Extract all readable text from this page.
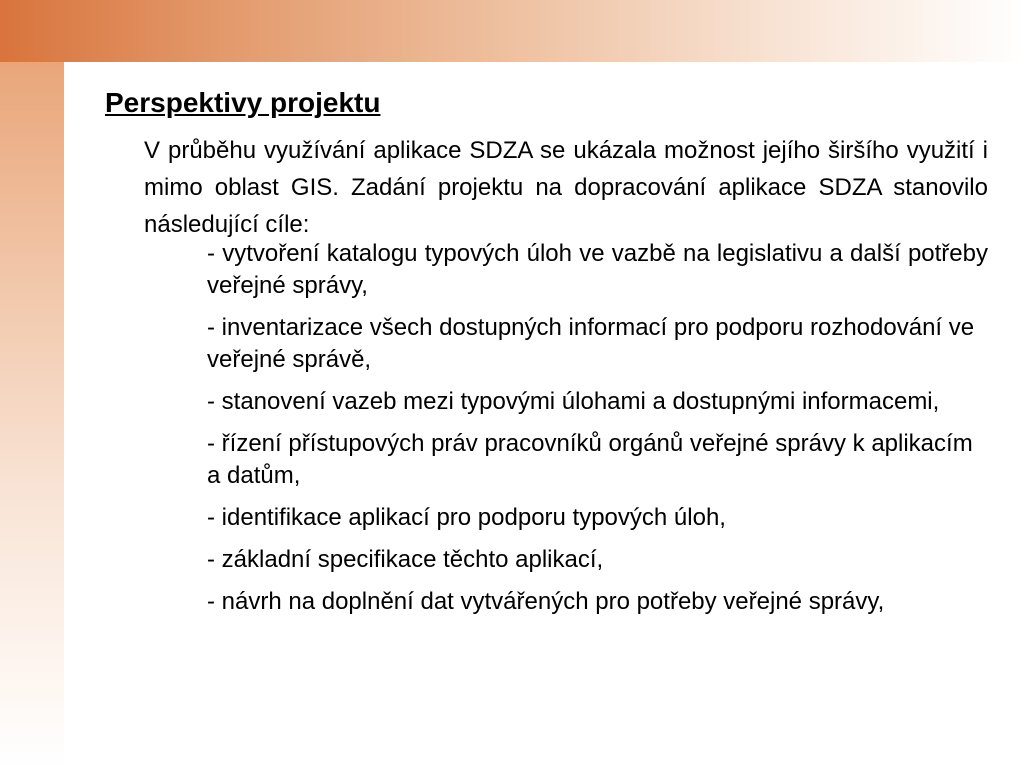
Perspektivy projektu

V průběhu využívání aplikace SDZA se ukázala možnost jejího širšího využití i mimo oblast GIS. Zadání projektu na dopracování aplikace SDZA stanovilo následující cíle:

- vytvoření katalogu typových úloh ve vazbě na legislativu a další potřeby veřejné správy,
- inventarizace všech dostupných informací pro podporu rozhodování ve veřejné správě,
- stanovení vazeb mezi typovými úlohami a dostupnými informacemi,
- řízení přístupových práv pracovníků orgánů veřejné správy k aplikacím a datům,
- identifikace aplikací pro podporu typových úloh,
- základní specifikace těchto aplikací,
- návrh na doplnění dat vytvářených pro potřeby veřejné správy,
